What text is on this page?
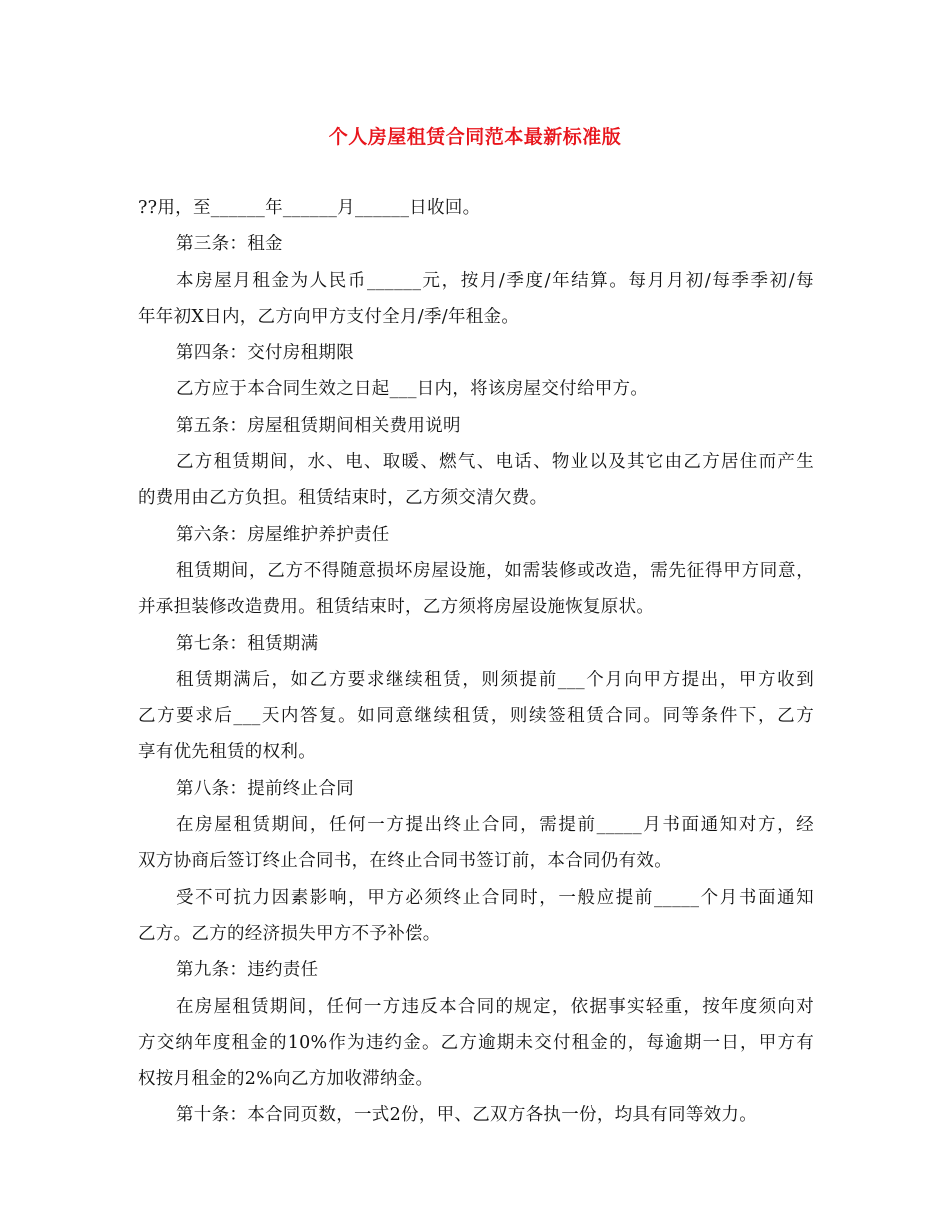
个人房屋租赁合同范本最新标准版
??用，至______年______月______日收回。
第三条：租金
本房屋月租金为人民币______元，按月/季度/年结算。每月月初/每季季初/每
年年初X日内，乙方向甲方支付全月/季/年租金。
第四条：交付房租期限
乙方应于本合同生效之日起___日内，将该房屋交付给甲方。
第五条：房屋租赁期间相关费用说明
乙方租赁期间，水、电、取暖、燃气、电话、物业以及其它由乙方居住而产生
的费用由乙方负担。租赁结束时，乙方须交清欠费。
第六条：房屋维护养护责任
租赁期间，乙方不得随意损坏房屋设施，如需装修或改造，需先征得甲方同意，
并承担装修改造费用。租赁结束时，乙方须将房屋设施恢复原状。
第七条：租赁期满
租赁期满后，如乙方要求继续租赁，则须提前___个月向甲方提出，甲方收到
乙方要求后___天内答复。如同意继续租赁，则续签租赁合同。同等条件下，乙方
享有优先租赁的权利。
第八条：提前终止合同
在房屋租赁期间，任何一方提出终止合同，需提前_____月书面通知对方，经
双方协商后签订终止合同书，在终止合同书签订前，本合同仍有效。
受不可抗力因素影响，甲方必须终止合同时，一般应提前_____个月书面通知
乙方。乙方的经济损失甲方不予补偿。
第九条：违约责任
在房屋租赁期间，任何一方违反本合同的规定，依据事实轻重，按年度须向对
方交纳年度租金的10%作为违约金。乙方逾期未交付租金的，每逾期一日，甲方有
权按月租金的2%向乙方加收滞纳金。
第十条：本合同页数，一式2份，甲、乙双方各执一份，均具有同等效力。
